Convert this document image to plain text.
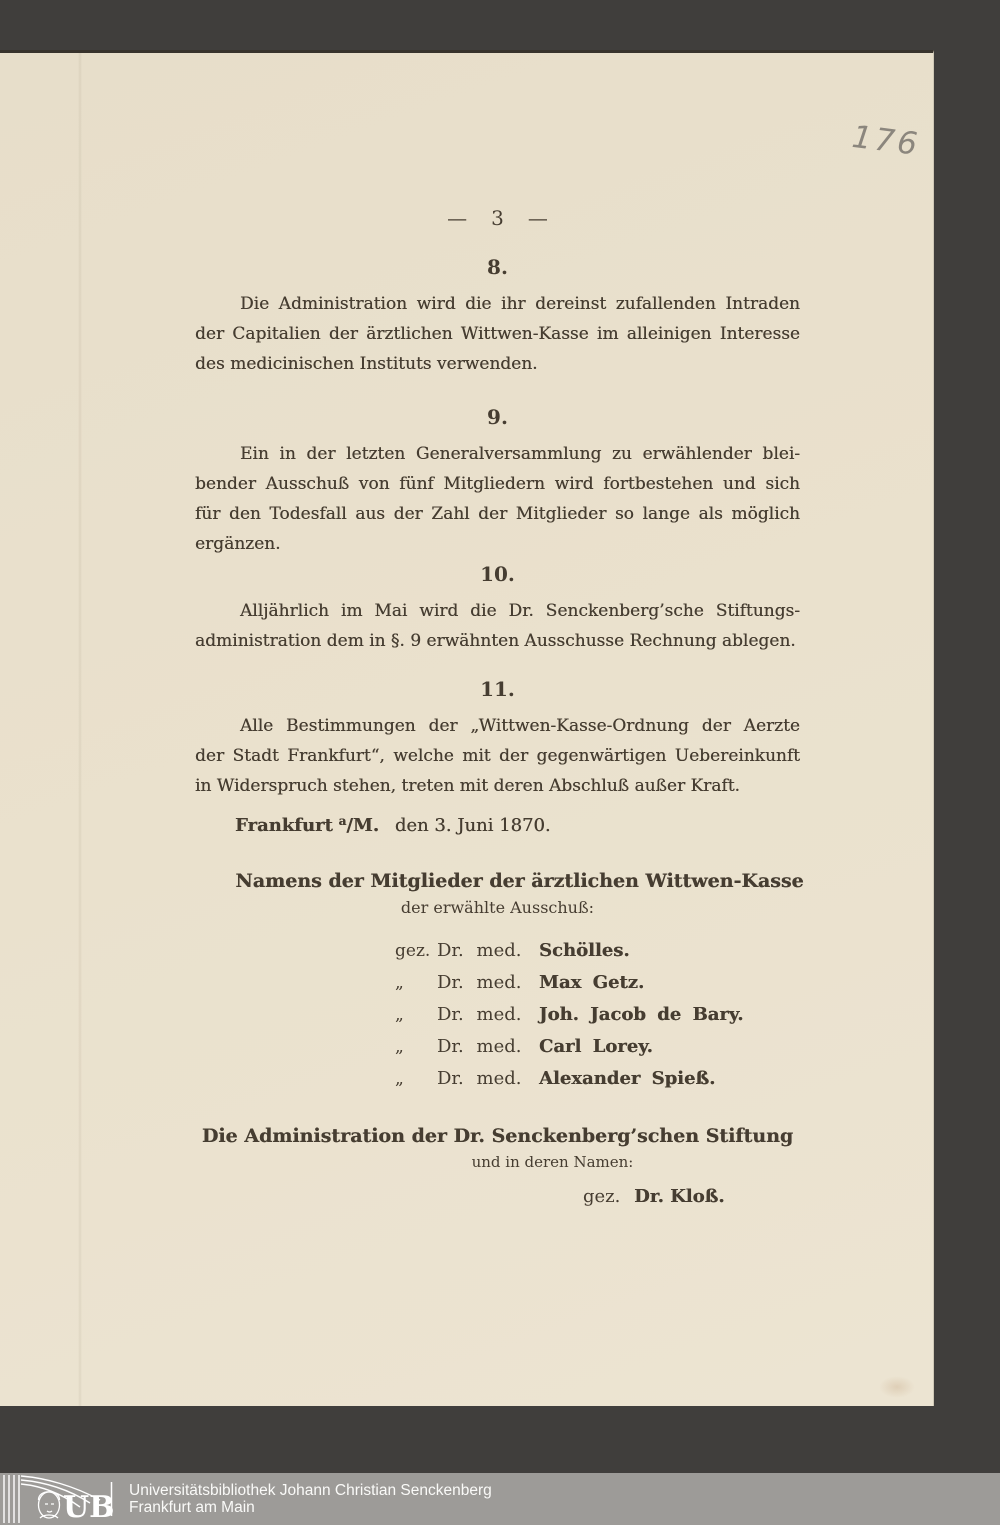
176
— 3 —
8.
Die Administration wird die ihr dereinst zufallenden Intraden
der Capitalien der ärztlichen Wittwen-Kasse im alleinigen Interesse
des medicinischen Instituts verwenden.
9.
Ein in der letzten Generalversammlung zu erwählender blei-
bender Ausschuß von fünf Mitgliedern wird fortbestehen und sich
für den Todesfall aus der Zahl der Mitglieder so lange als möglich
ergänzen.
10.
Alljährlich im Mai wird die Dr. Senckenberg’sche Stiftungs-
administration dem in §. 9 erwähnten Ausschusse Rechnung ablegen.
11.
Alle Bestimmungen der „Wittwen-Kasse-Ordnung der Aerzte
der Stadt Frankfurt“, welche mit der gegenwärtigen Uebereinkunft
in Widerspruch stehen, treten mit deren Abschluß außer Kraft.
Frankfurt $^a$/M. den 3. Juni 1870.
Namens der Mitglieder der ärztlichen Wittwen-Kasse
der erwählte Ausschuß:
gez. Dr. med. Schölles.
„	Dr. med. Max Getz.
„	Dr. med. Joh. Jacob de Bary.
„	Dr. med. Carl Lorey.
„	Dr. med. Alexander Spieß.
Die Administration der Dr. Senckenberg’schen Stiftung
und in deren Namen:
gez. Dr. Kloß.
UB Universitätsbibliothek Johann Christian Senckenberg
Frankfurt am Main
